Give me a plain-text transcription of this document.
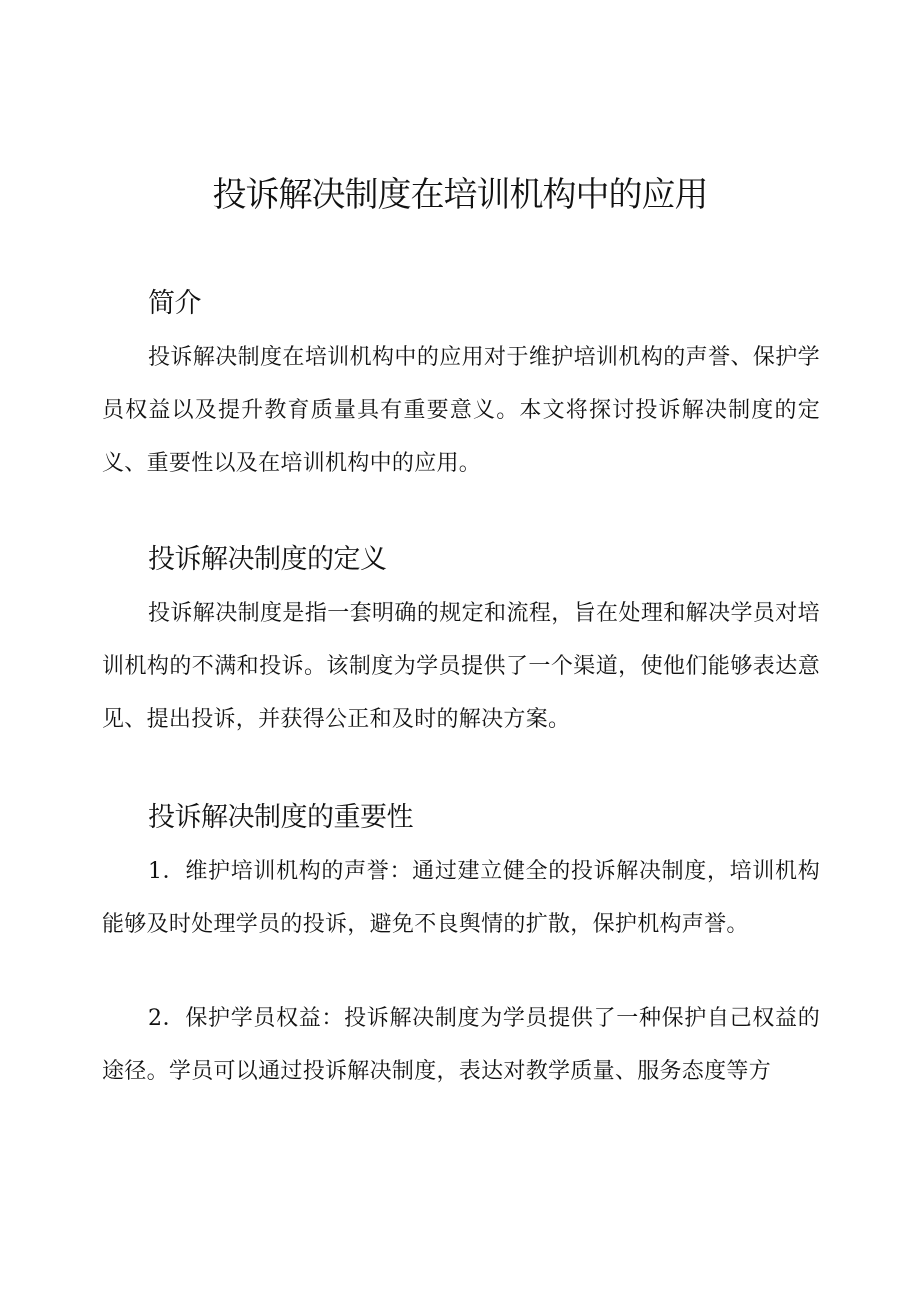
投诉解决制度在培训机构中的应用
简介

投诉解决制度在培训机构中的应用对于维护培训机构的声誉、保护学员权益以及提升教育质量具有重要意义。本文将探讨投诉解决制度的定义、重要性以及在培训机构中的应用。

投诉解决制度的定义

投诉解决制度是指一套明确的规定和流程，旨在处理和解决学员对培训机构的不满和投诉。该制度为学员提供了一个渠道，使他们能够表达意见、提出投诉，并获得公正和及时的解决方案。

投诉解决制度的重要性

1．维护培训机构的声誉：通过建立健全的投诉解决制度，培训机构能够及时处理学员的投诉，避免不良舆情的扩散，保护机构声誉。

2．保护学员权益：投诉解决制度为学员提供了一种保护自己权益的途径。学员可以通过投诉解决制度，表达对教学质量、服务态度等方
